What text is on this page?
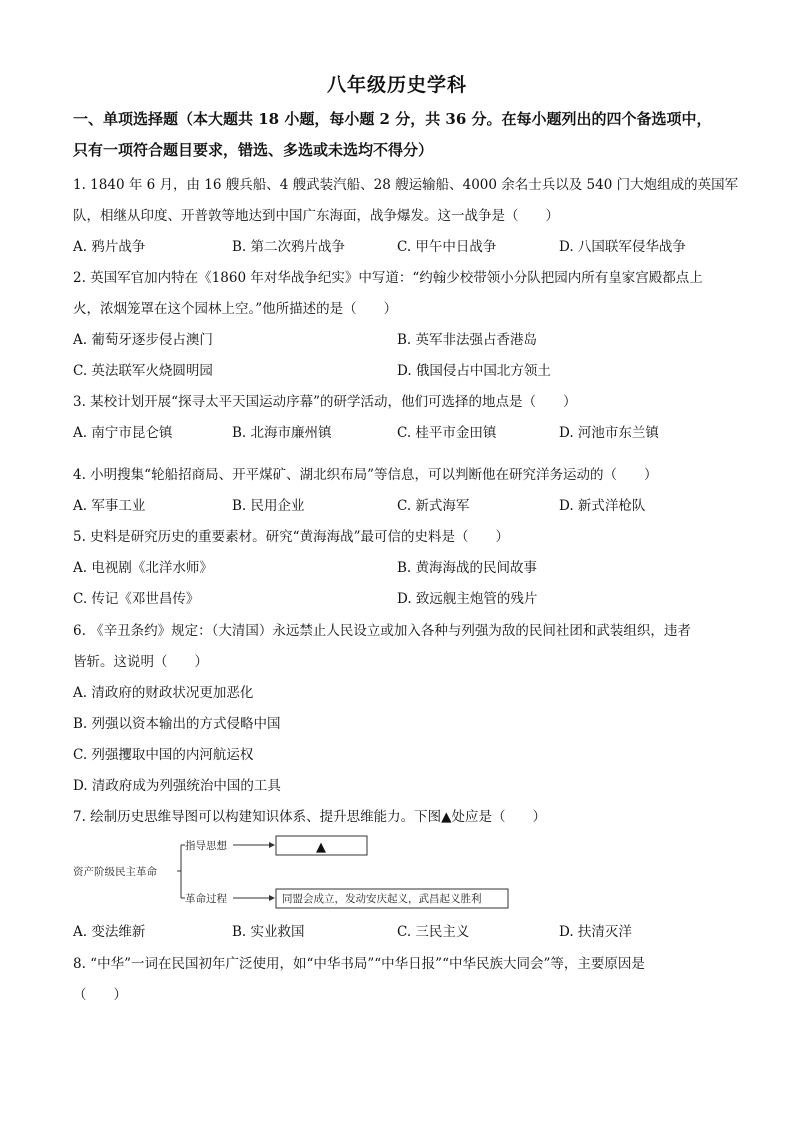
八年级历史学科
一、单项选择题（本大题共 18 小题，每小题 2 分，共 36 分。在每小题列出的四个备选项中，
只有一项符合题目要求，错选、多选或未选均不得分）
1. 1840 年 6 月，由 16 艘兵船、4 艘武装汽船、28 艘运输船、4000 余名士兵以及 540 门大炮组成的英国军
队，相继从印度、开普敦等地达到中国广东海面，战争爆发。这一战争是（　　）
A. 鸦片战争	B. 第二次鸦片战争	C. 甲午中日战争	D. 八国联军侵华战争
2. 英国军官加内特在《1860 年对华战争纪实》中写道：“约翰少校带领小分队把园内所有皇家宫殿都点上
火，浓烟笼罩在这个园林上空。”他所描述的是（　　）
A. 葡萄牙逐步侵占澳门	B. 英军非法强占香港岛
C. 英法联军火烧圆明园	D. 俄国侵占中国北方领土
3. 某校计划开展“探寻太平天国运动序幕”的研学活动，他们可选择的地点是（　　）
A. 南宁市昆仑镇	B. 北海市廉州镇	C. 桂平市金田镇	D. 河池市东兰镇
4. 小明搜集“轮船招商局、开平煤矿、湖北织布局”等信息，可以判断他在研究洋务运动的（　　）
A. 军事工业	B. 民用企业	C. 新式海军	D. 新式洋枪队
5. 史料是研究历史的重要素材。研究“黄海海战”最可信的史料是（　　）
A. 电视剧《北洋水师》	B. 黄海海战的民间故事
C. 传记《邓世昌传》	D. 致远舰主炮管的残片
6. 《辛丑条约》规定：（大清国）永远禁止人民设立或加入各种与列强为敌的民间社团和武装组织，违者
皆斩。这说明（　　）
A. 清政府的财政状况更加恶化
B. 列强以资本输出的方式侵略中国
C. 列强攫取中国的内河航运权
D. 清政府成为列强统治中国的工具
7. 绘制历史思维导图可以构建知识体系、提升思维能力。下图▲处应是（　　）
资产阶级民主革命
指导思想	▲
革命过程	同盟会成立，发动安庆起义，武昌起义胜利
A. 变法维新	B. 实业救国	C. 三民主义	D. 扶清灭洋
8. “中华”一词在民国初年广泛使用，如“中华书局”“中华日报”“中华民族大同会”等，主要原因是
（　　）
